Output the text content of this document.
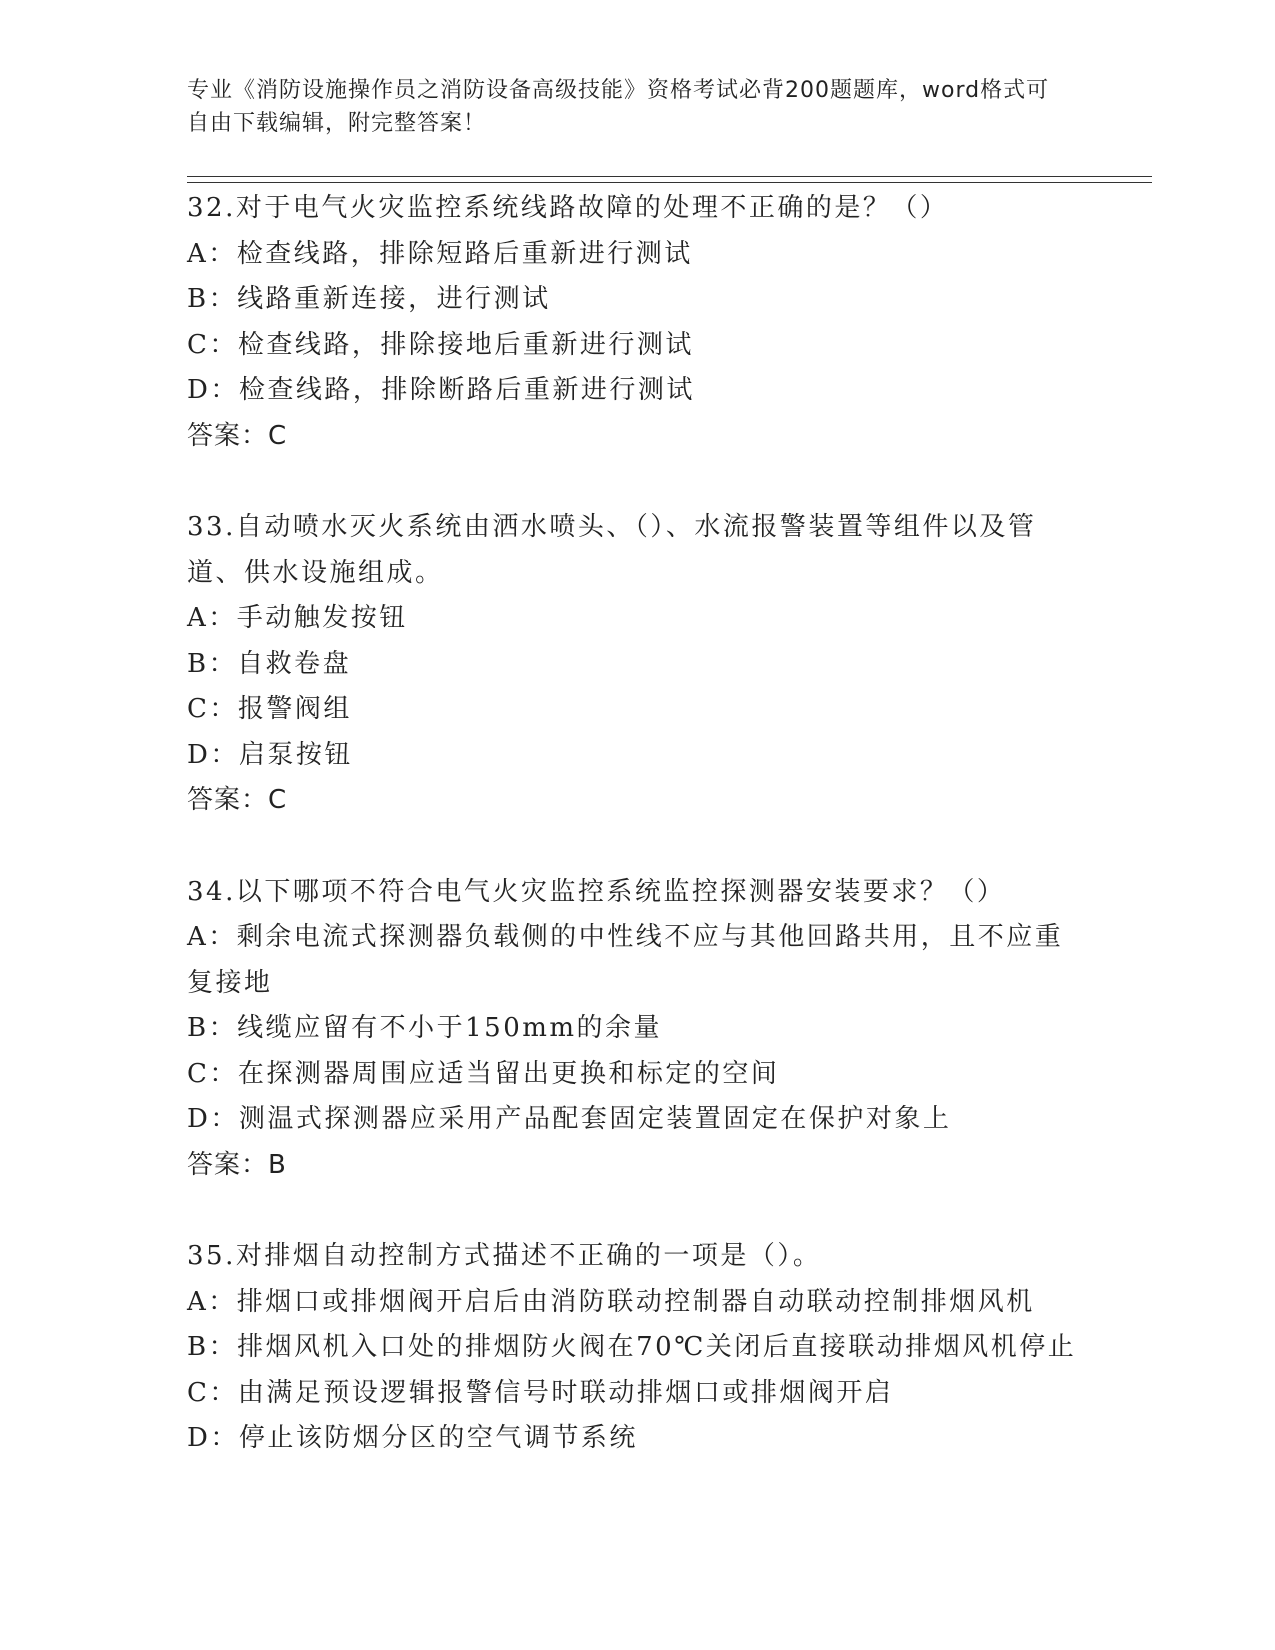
专业《消防设施操作员之消防设备高级技能》资格考试必背200题题库，word格式可自由下载编辑，附完整答案！
32.对于电气火灾监控系统线路故障的处理不正确的是？（）
A：检查线路，排除短路后重新进行测试
B：线路重新连接，进行测试
C：检查线路，排除接地后重新进行测试
D：检查线路，排除断路后重新进行测试
答案：C
33.自动喷水灭火系统由洒水喷头、（）、水流报警装置等组件以及管道、供水设施组成。
A：手动触发按钮
B：自救卷盘
C：报警阀组
D：启泵按钮
答案：C
34.以下哪项不符合电气火灾监控系统监控探测器安装要求？（）
A：剩余电流式探测器负载侧的中性线不应与其他回路共用，且不应重复接地
B：线缆应留有不小于150mm的余量
C：在探测器周围应适当留出更换和标定的空间
D：测温式探测器应采用产品配套固定装置固定在保护对象上
答案：B
35.对排烟自动控制方式描述不正确的一项是（）。
A：排烟口或排烟阀开启后由消防联动控制器自动联动控制排烟风机
B：排烟风机入口处的排烟防火阀在70℃关闭后直接联动排烟风机停止
C：由满足预设逻辑报警信号时联动排烟口或排烟阀开启
D：停止该防烟分区的空气调节系统
